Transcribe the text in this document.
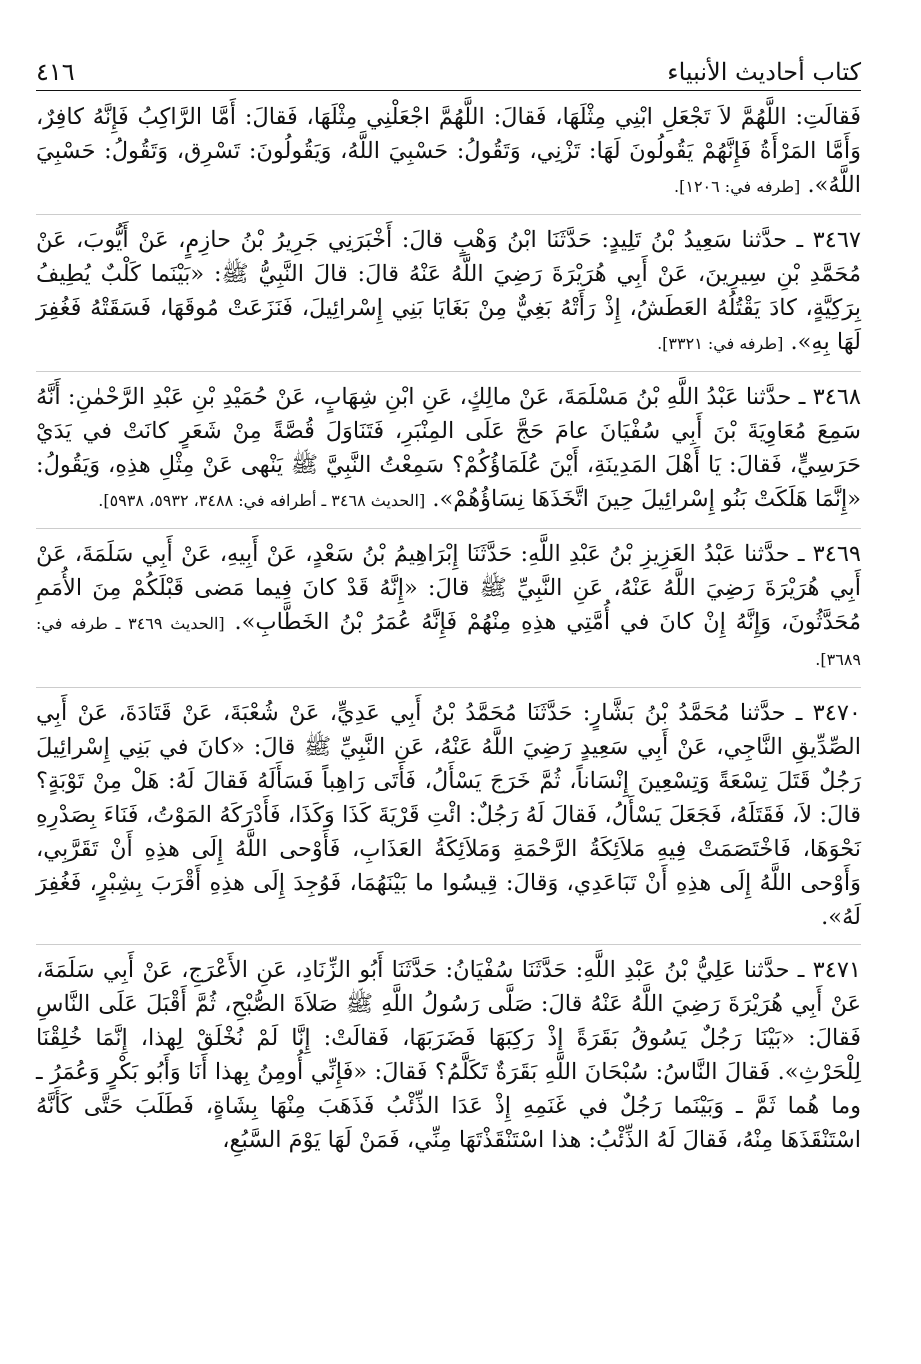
كتاب أحاديث الأنبياء
٤١٦

فَقالَتِ: اللَّهُمَّ لاَ تَجْعَلِ ابْنِي مِثْلَهَا، فَقالَ: اللَّهُمَّ اجْعَلْنِي مِثْلَهَا، فَقالَ: أَمَّا الرَّاكِبُ فَإِنَّهُ كافِرٌ، وَأَمَّا المَرْأَةُ فَإِنَّهُمْ يَقُولُونَ لَهَا: تَزْنِي، وَتَقُولُ: حَسْبِيَ اللَّهُ، وَيَقُولُونَ: تَسْرِق، وَتَقُولُ: حَسْبِيَ اللَّهُ». [طرفه في: ١٢٠٦].

٣٤٦٧ ـ حدَّثنا سَعِيدُ بْنُ تَلِيدٍ: حَدَّثَنَا ابْنُ وَهْبٍ قالَ: أَخْبَرَنِي جَرِيرُ بْنُ حازِمٍ، عَنْ أَيُّوبَ، عَنْ مُحَمَّدِ بْنِ سِيرِينَ، عَنْ أَبِي هُرَيْرَةَ رَضِيَ اللَّهُ عَنْهُ قالَ: قالَ النَّبِيُّ ﷺ: «بَيْنَما كَلْبٌ يُطِيفُ بِرَكِيَّةٍ، كادَ يَقْتُلُهُ العَطَشُ، إِذْ رَأَتْهُ بَغِيٌّ مِنْ بَغَايَا بَنِي إِسْرائِيلَ، فَنَزَعَتْ مُوقَهَا، فَسَقَتْهُ فَغُفِرَ لَهَا بِهِ». [طرفه في: ٣٣٢١].

٣٤٦٨ ـ حدَّثنا عَبْدُ اللَّهِ بْنُ مَسْلَمَةَ، عَنْ مالِكٍ، عَنِ ابْنِ شِهَابٍ، عَنْ حُمَيْدِ بْنِ عَبْدِ الرَّحْمٰنِ: أَنَّهُ سَمِعَ مُعَاوِيَةَ بْنَ أَبِي سُفْيَانَ عامَ حَجَّ عَلَى المِنْبَرِ، فَتَنَاوَلَ قُصَّةً مِنْ شَعَرٍ كانَتْ في يَدَيْ حَرَسِيٍّ، فَقالَ: يَا أَهْلَ المَدِينَةِ، أَيْنَ عُلَمَاؤُكُمْ؟ سَمِعْتُ النَّبِيَّ ﷺ يَنْهى عَنْ مِثْلِ هذِهِ، وَيَقُولُ: «إِنَّمَا هَلَكَتْ بَنُو إِسْرائِيلَ حِينَ اتَّخَذَهَا نِسَاؤُهُمْ». [الحديث ٣٤٦٨ ـ أطرافه في: ٣٤٨٨، ٥٩٣٢، ٥٩٣٨].

٣٤٦٩ ـ حدَّثنا عَبْدُ العَزِيزِ بْنُ عَبْدِ اللَّهِ: حَدَّثَنَا إِبْرَاهِيمُ بْنُ سَعْدٍ، عَنْ أَبِيهِ، عَنْ أَبِي سَلَمَةَ، عَنْ أَبِي هُرَيْرَةَ رَضِيَ اللَّهُ عَنْهُ، عَنِ النَّبِيِّ ﷺ قالَ: «إِنَّهُ قَدْ كانَ فِيما مَضى قَبْلَكُمْ مِنَ الأُمَمِ مُحَدَّثُونَ، وَإِنَّهُ إِنْ كانَ في أُمَّتِي هذِهِ مِنْهُمْ فَإِنَّهُ عُمَرُ بْنُ الخَطَّابِ». [الحديث ٣٤٦٩ ـ طرفه في: ٣٦٨٩].

٣٤٧٠ ـ حدَّثنا مُحَمَّدُ بْنُ بَشَّارٍ: حَدَّثَنَا مُحَمَّدُ بْنُ أَبِي عَدِيٍّ، عَنْ شُعْبَةَ، عَنْ قَتَادَةَ، عَنْ أَبِي الصِّدِّيقِ النَّاجِي، عَنْ أَبِي سَعِيدٍ رَضِيَ اللَّهُ عَنْهُ، عَنِ النَّبِيِّ ﷺ قالَ: «كانَ في بَنِي إِسْرائِيلَ رَجُلٌ قَتَلَ تِسْعَةً وَتِسْعِينَ إِنْسَاناً، ثُمَّ خَرَجَ يَسْأَلُ، فَأَتَى رَاهِباً فَسَأَلَهُ فَقالَ لَهُ: هَلْ مِنْ تَوْبَةٍ؟ قالَ: لاَ، فَقَتَلَهُ، فَجَعَلَ يَسْأَلُ، فَقالَ لَهُ رَجُلٌ: ائْتِ قَرْيَةَ كَذَا وَكَذَا، فَأَدْرَكَهُ المَوْتُ، فَنَاءَ بِصَدْرِهِ نَحْوَهَا، فَاخْتَصَمَتْ فِيهِ مَلاَئِكَةُ الرَّحْمَةِ وَمَلاَئِكَةُ العَذَابِ، فَأَوْحى اللَّهُ إِلَى هذِهِ أَنْ تَقَرَّبِي، وَأَوْحى اللَّهُ إِلَى هذِهِ أَنْ تَبَاعَدِي، وَقالَ: قِيسُوا ما بَيْنَهُمَا، فَوُجِدَ إِلَى هذِهِ أَقْرَبَ بِشِبْرٍ، فَغُفِرَ لَهُ».

٣٤٧١ ـ حدَّثنا عَلِيُّ بْنُ عَبْدِ اللَّهِ: حَدَّثَنَا سُفْيَانُ: حَدَّثَنَا أَبُو الزِّنَادِ، عَنِ الأَعْرَجِ، عَنْ أَبِي سَلَمَةَ، عَنْ أَبِي هُرَيْرَةَ رَضِيَ اللَّهُ عَنْهُ قالَ: صَلَّى رَسُولُ اللَّهِ ﷺ صَلاَةَ الصُّبْحِ، ثُمَّ أَقْبَلَ عَلَى النَّاسِ فَقالَ: «بَيْنَا رَجُلٌ يَسُوقُ بَقَرَةً إِذْ رَكِبَهَا فَضَرَبَهَا، فَقالَتْ: إِنَّا لَمْ نُخْلَقْ لِهذا، إِنَّمَا خُلِقْنَا لِلْحَرْثِ». فَقالَ النَّاسُ: سُبْحَانَ اللَّهِ بَقَرَةٌ تَكَلَّمُ؟ فَقالَ: «فَإِنِّي أُومِنُ بِهذا أَنَا وَأَبُو بَكْرٍ وَعُمَرُ ـ وما هُما ثَمَّ ـ وَبَيْنَما رَجُلٌ في غَنَمِهِ إِذْ عَدَا الذِّئْبُ فَذَهَبَ مِنْهَا بِشَاةٍ، فَطَلَبَ حَتَّى كَأَنَّهُ اسْتَنْقَذَهَا مِنْهُ، فَقالَ لَهُ الذِّئْبُ: هذا اسْتَنْقَذْتَهَا مِنِّي، فَمَنْ لَهَا يَوْمَ السَّبُعِ،
